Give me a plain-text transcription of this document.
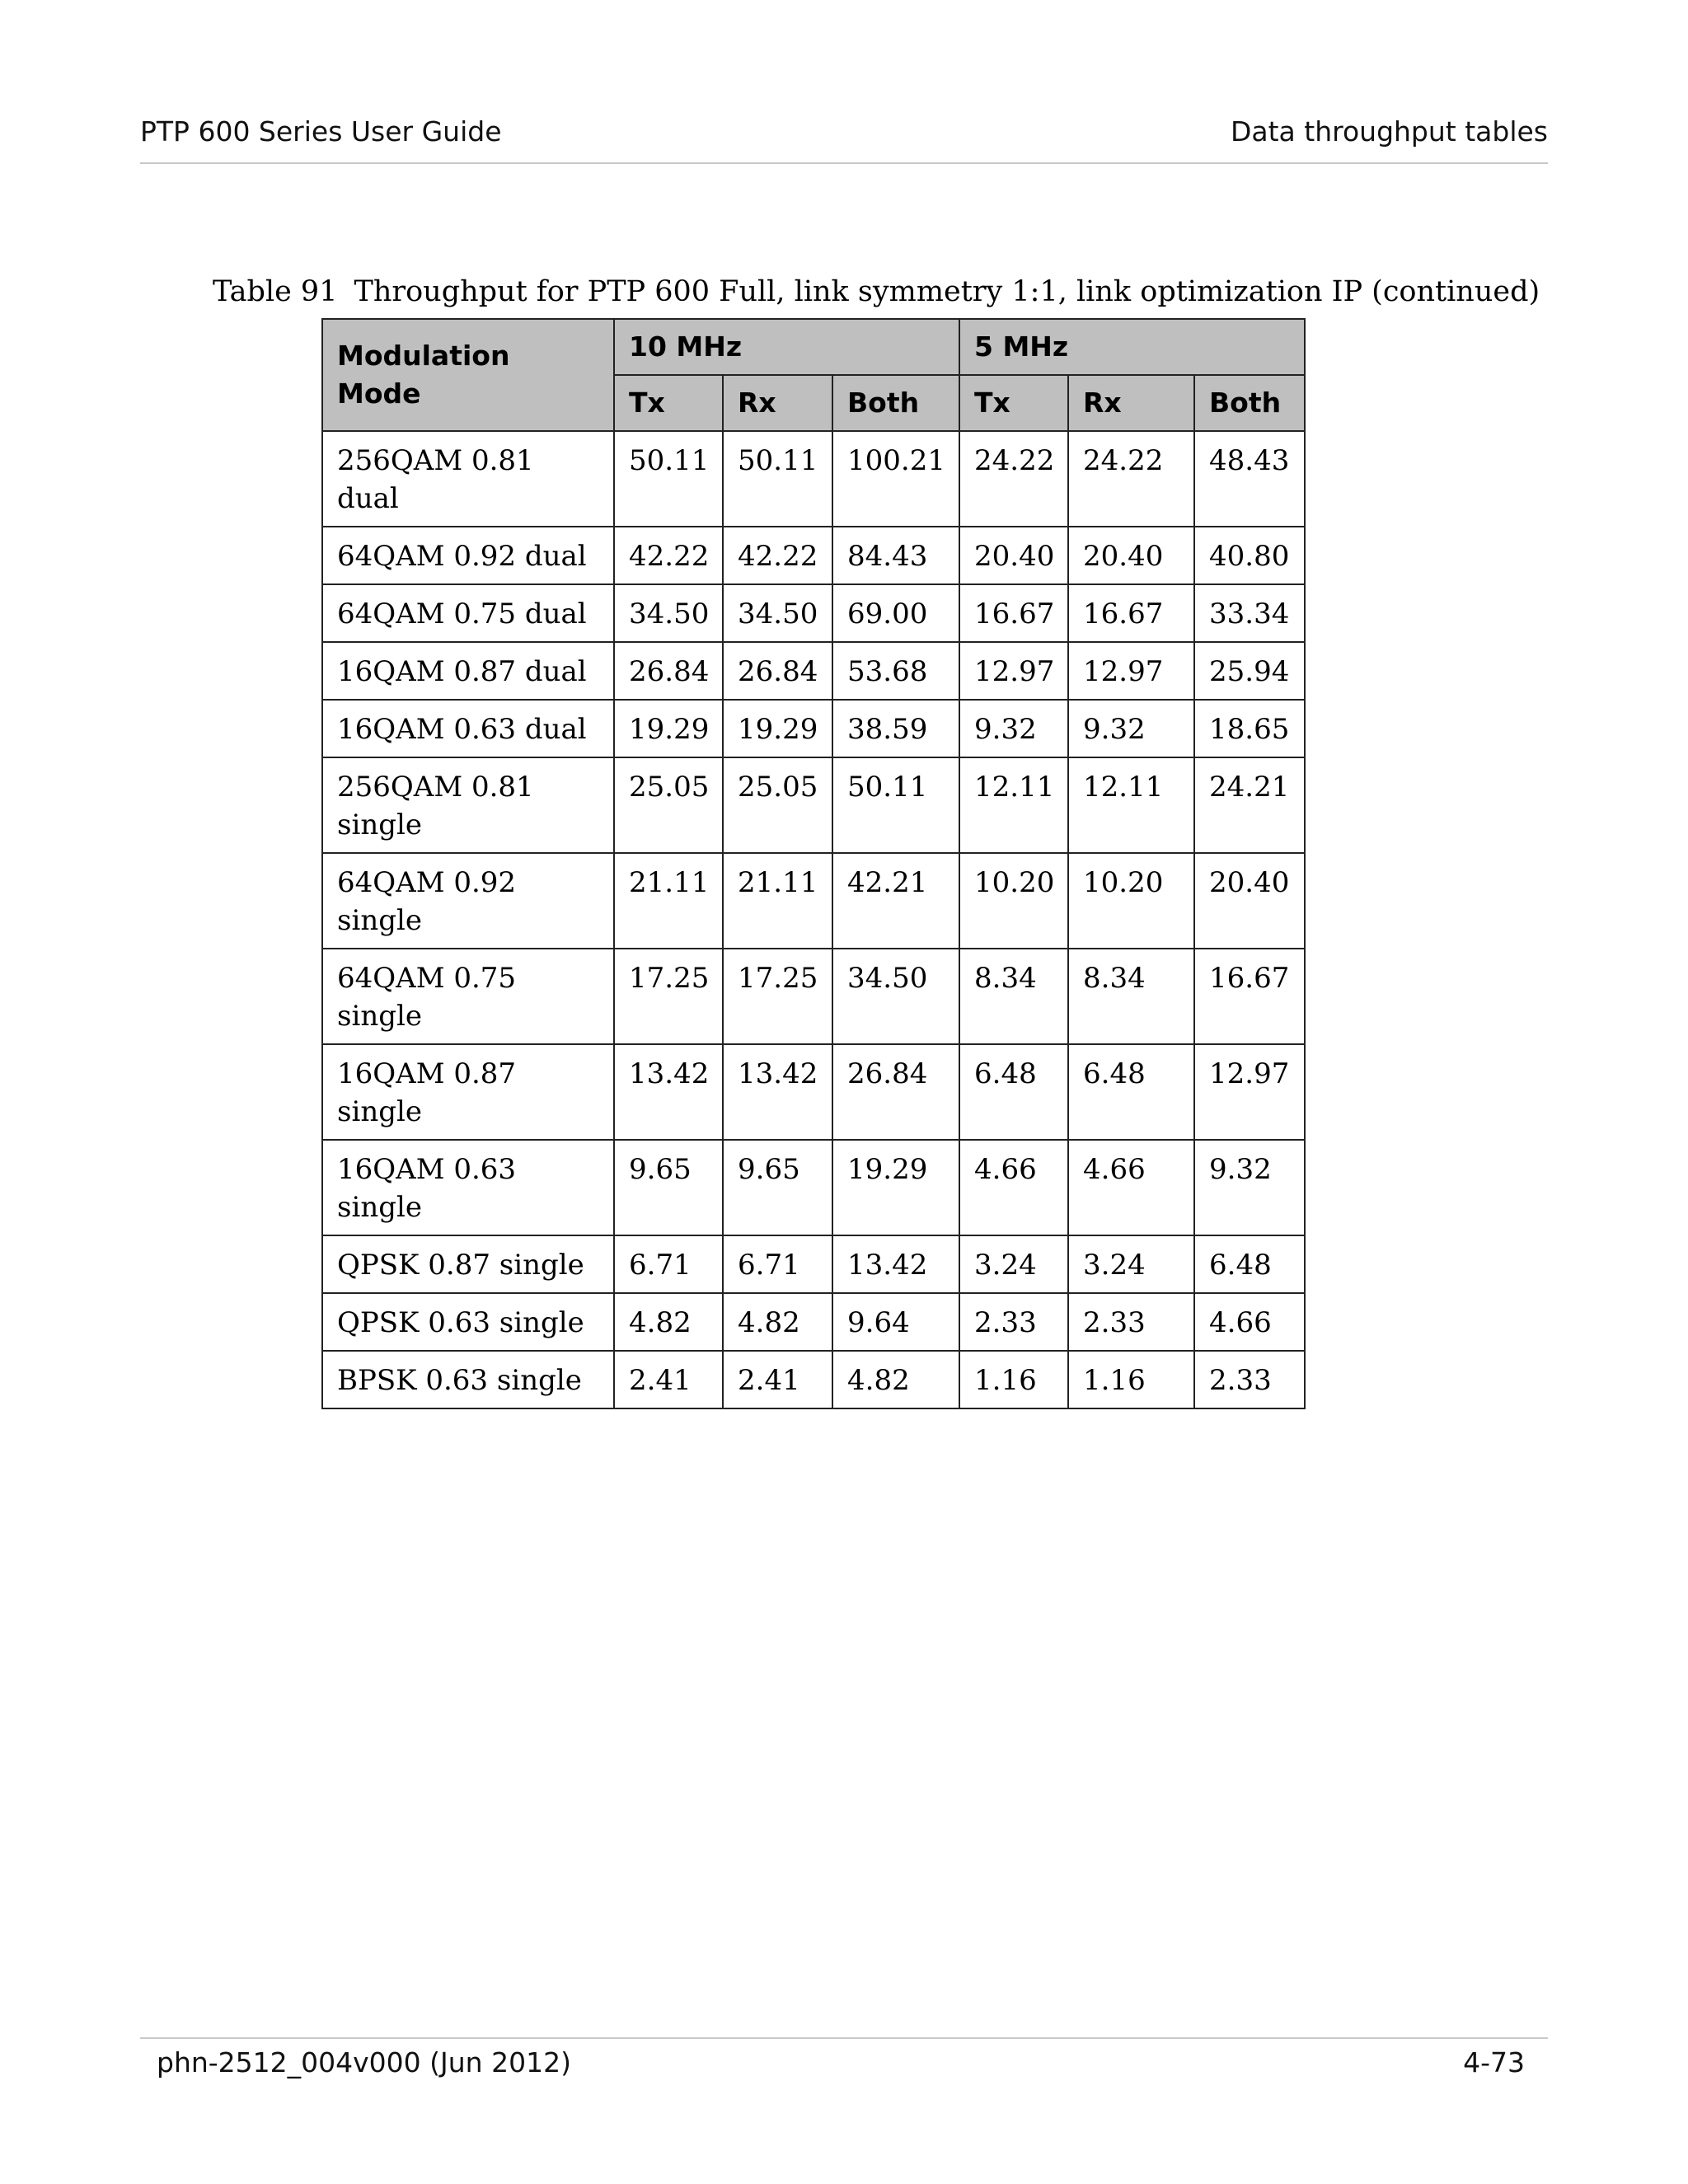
PTP 600 Series User Guide	Data throughput tables
Table 91 Throughput for PTP 600 Full, link symmetry 1:1, link optimization IP (continued)
Modulation Mode	10 MHz			5 MHz		
	Tx	Rx	Both	Tx	Rx	Both
256QAM 0.81 dual	50.11	50.11	100.21	24.22	24.22	48.43
64QAM 0.92 dual	42.22	42.22	84.43	20.40	20.40	40.80
64QAM 0.75 dual	34.50	34.50	69.00	16.67	16.67	33.34
16QAM 0.87 dual	26.84	26.84	53.68	12.97	12.97	25.94
16QAM 0.63 dual	19.29	19.29	38.59	9.32	9.32	18.65
256QAM 0.81 single	25.05	25.05	50.11	12.11	12.11	24.21
64QAM 0.92 single	21.11	21.11	42.21	10.20	10.20	20.40
64QAM 0.75 single	17.25	17.25	34.50	8.34	8.34	16.67
16QAM 0.87 single	13.42	13.42	26.84	6.48	6.48	12.97
16QAM 0.63 single	9.65	9.65	19.29	4.66	4.66	9.32
QPSK 0.87 single	6.71	6.71	13.42	3.24	3.24	6.48
QPSK 0.63 single	4.82	4.82	9.64	2.33	2.33	4.66
BPSK 0.63 single	2.41	2.41	4.82	1.16	1.16	2.33
phn-2512_004v000 (Jun 2012)	4-73
